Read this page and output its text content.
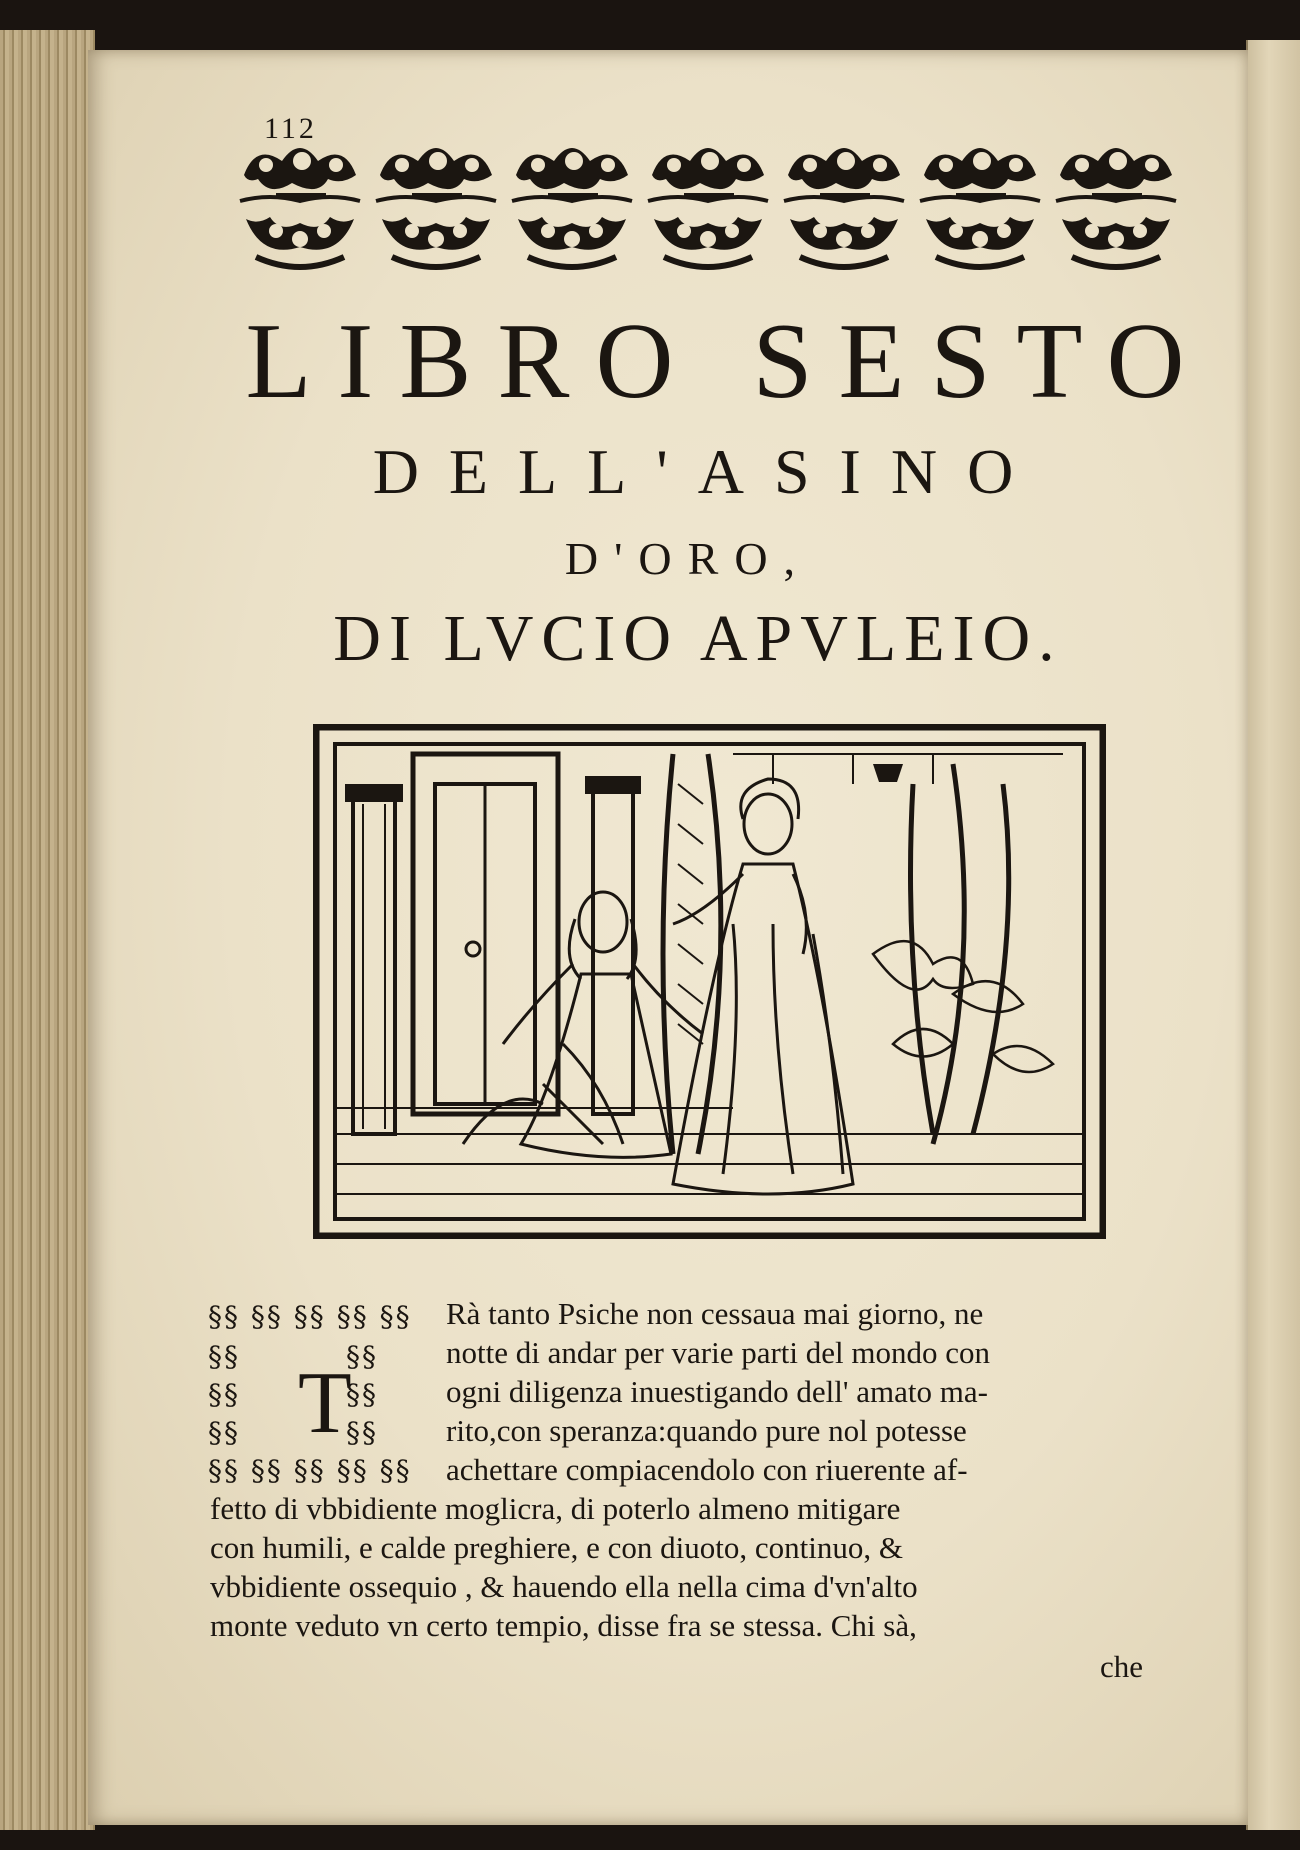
112
LIBRO SESTO
DELL'ASINO
D'ORO,
DI LVCIO APVLEIO.
§§ §§ §§ §§ §§
§§
§§
§§
§§
§§
§§
§§ §§ §§ §§ §§
T
Rà tanto Psiche non cessaua mai giorno, ne
notte di andar per varie parti del mondo con
ogni diligenza inuestigando dell' amato ma-
rito,con speranza:quando pure nol potesse
achettare compiacendolo con riuerente af-
fetto di vbbidiente moglicra, di poterlo almeno mitigare
con humili, e calde preghiere, e con diuoto, continuo, &
vbbidiente ossequio , & hauendo ella nella cima d'vn'alto
monte veduto vn certo tempio, disse fra se stessa. Chi sà,
che
